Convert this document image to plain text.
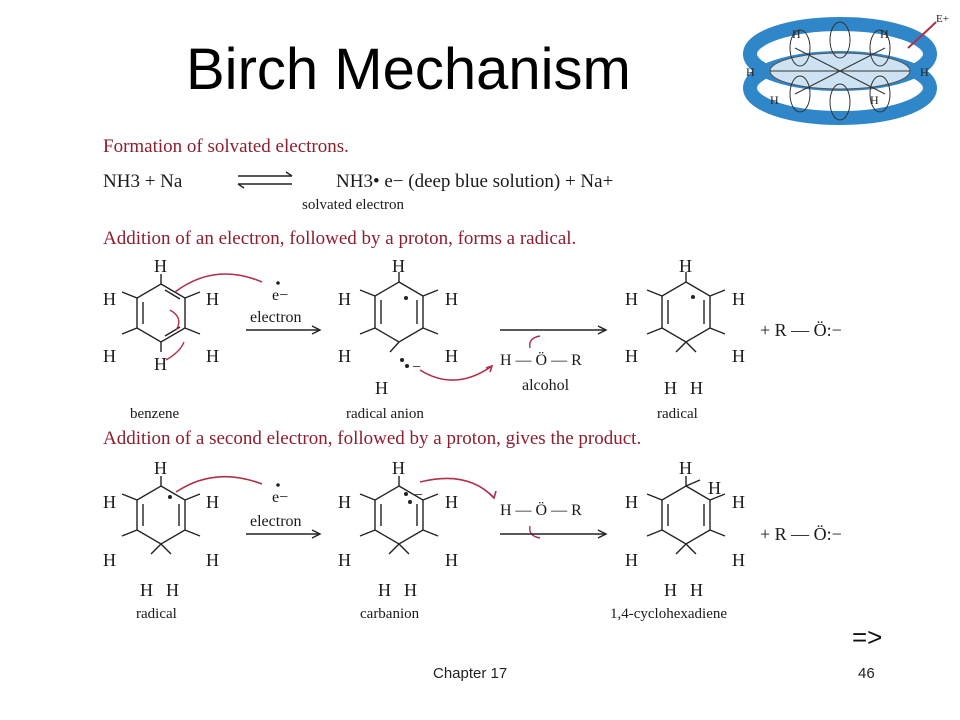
Birch Mechanism	H	H
H	H
H	H
E+
Formation of solvated electrons.
NH3 + Na	NH3• e− (deep blue solution) + Na+
solvated electron
Addition of an electron, followed by a proton, forms a radical.
H
H
H	H
H	H
benzene
e−
electron
H
H
H	H
H	H
−
radical anion
H — Ö — R
alcohol
H
H	H
H	H
H H
radical
+ R — Ö:−
Addition of a second electron, followed by a proton, gives the product.
H
H	H
H	H
H H
radical
e−
electron
−
H
H	H
H	H
H H
carbanion
H — Ö — R
H
H
H	H
H	H
H H
1,4-cyclohexadiene
+ R — Ö:−
=>
Chapter 17	46
